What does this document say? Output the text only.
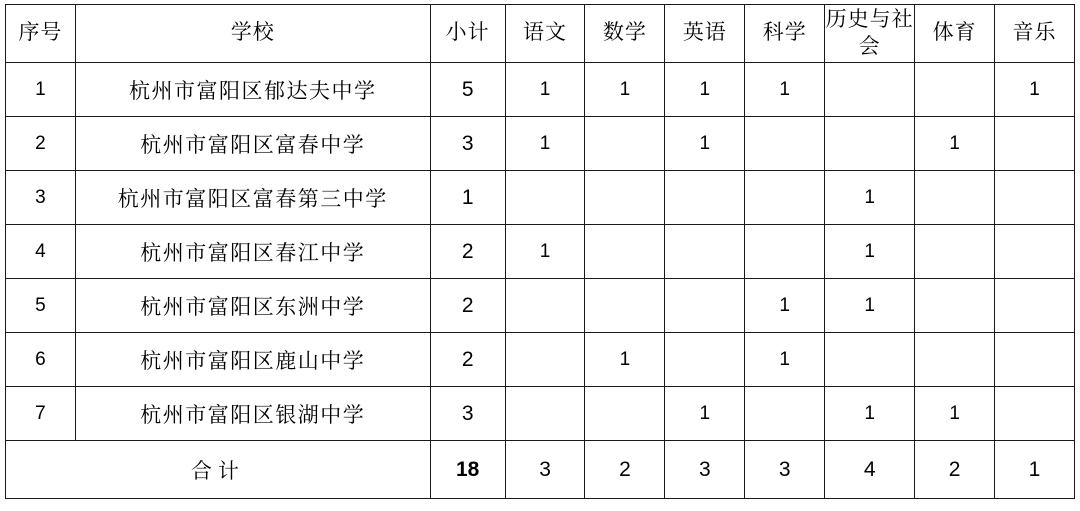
序号	学校	小计	语文	数学	英语	科学	历史与社会	体育	音乐
1	杭州市富阳区郁达夫中学	5	1	1	1	1			1
2	杭州市富阳区富春中学	3	1		1			1	
3	杭州市富阳区富春第三中学	1					1		
4	杭州市富阳区春江中学	2	1				1		
5	杭州市富阳区东洲中学	2				1	1		
6	杭州市富阳区鹿山中学	2		1		1			
7	杭州市富阳区银湖中学	3			1		1	1	
合计		18	3	2	3	3	4	2	1
